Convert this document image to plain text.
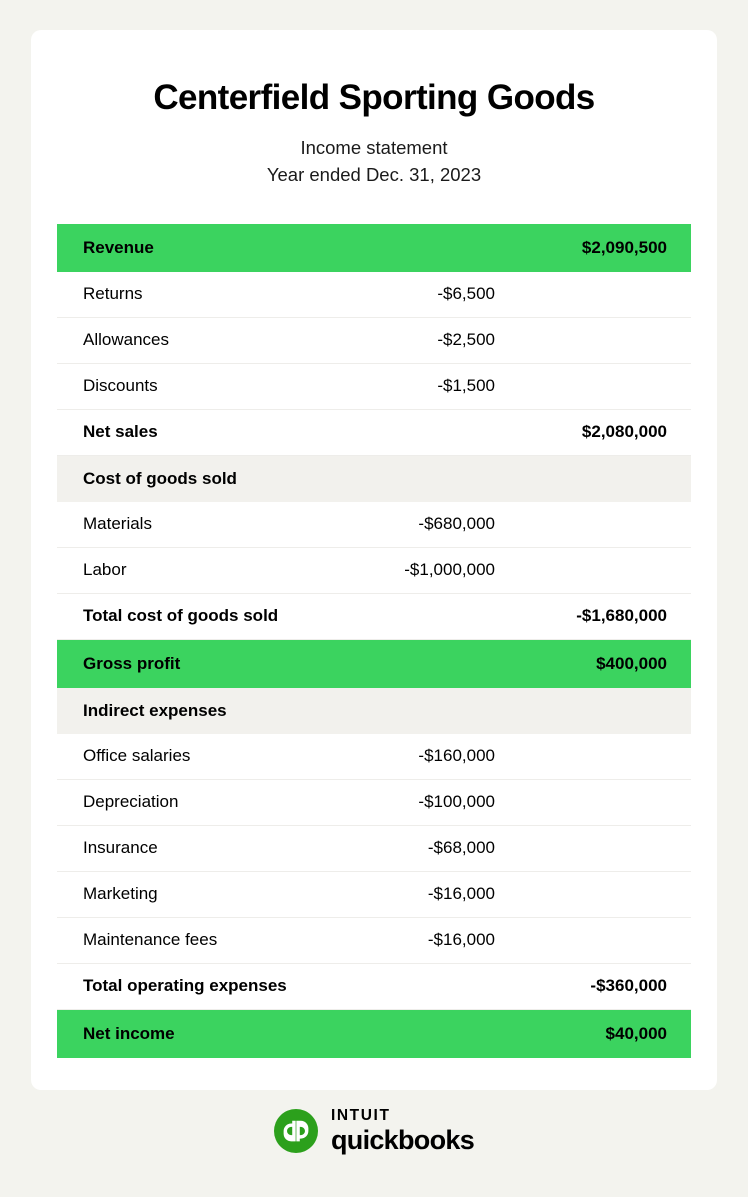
Centerfield Sporting Goods
Income statement
Year ended Dec. 31, 2023
Revenue	$2,090,500
Returns	-$6,500
Allowances	-$2,500
Discounts	-$1,500
Net sales	$2,080,000
Cost of goods sold
Materials	-$680,000
Labor	-$1,000,000
Total cost of goods sold	-$1,680,000
Gross profit	$400,000
Indirect expenses
Office salaries	-$160,000
Depreciation	-$100,000
Insurance	-$68,000
Marketing	-$16,000
Maintenance fees	-$16,000
Total operating expenses	-$360,000
Net income	$40,000
INTUIT
quickbooks
